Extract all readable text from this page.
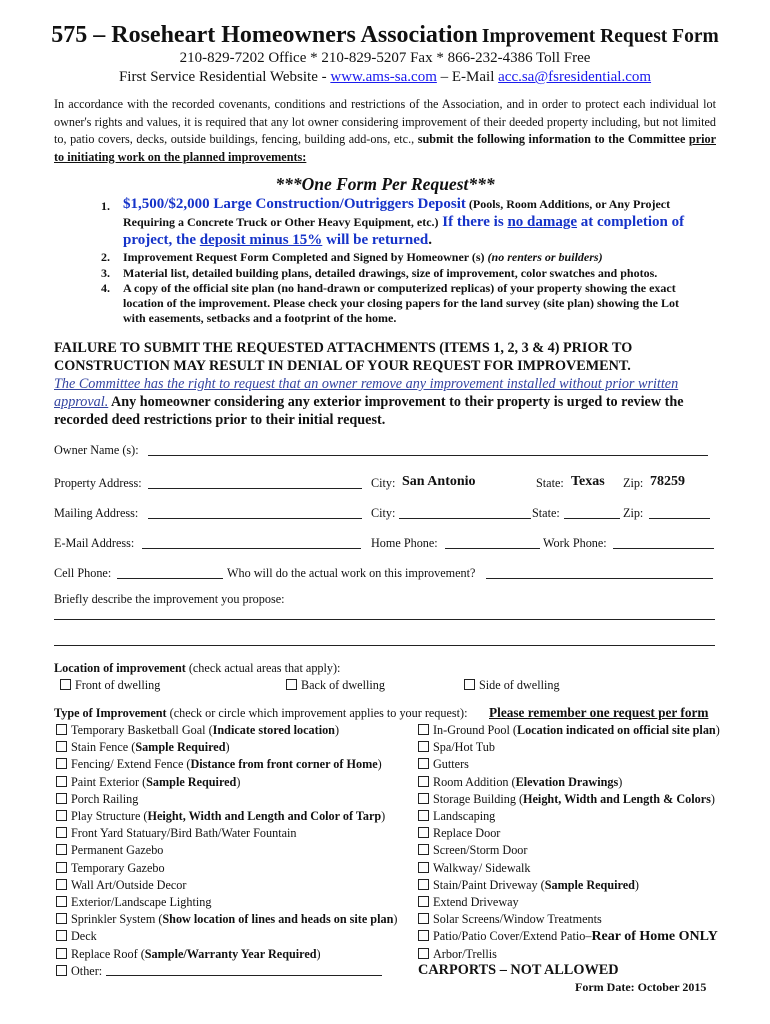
575 – Roseheart Homeowners Association Improvement Request Form
210-829-7202 Office * 210-829-5207 Fax * 866-232-4386 Toll Free
First Service Residential Website - www.ams-sa.com – E-Mail acc.sa@fsresidential.com
In accordance with the recorded covenants, conditions and restrictions of the Association, and in order to protect each individual lot owner's rights and values, it is required that any lot owner considering improvement of their deeded property including, but not limited to, patio covers, decks, outside buildings, fencing, building add-ons, etc., submit the following information to the Committee prior to initiating work on the planned improvements:
***One Form Per Request***
1. $1,500/$2,000 Large Construction/Outriggers Deposit (Pools, Room Additions, or Any Project
Requiring a Concrete Truck or Other Heavy Equipment, etc.) If there is no damage at completion of
project, the deposit minus 15% will be returned.
2. Improvement Request Form Completed and Signed by Homeowner (s) (no renters or builders)
3. Material list, detailed building plans, detailed drawings, size of improvement, color swatches and photos.
4. A copy of the official site plan (no hand-drawn or computerized replicas) of your property showing the exact
location of the improvement. Please check your closing papers for the land survey (site plan) showing the Lot
with easements, setbacks and a footprint of the home.
FAILURE TO SUBMIT THE REQUESTED ATTACHMENTS (ITEMS 1, 2, 3 & 4) PRIOR TO CONSTRUCTION MAY RESULT IN DENIAL OF YOUR REQUEST FOR IMPROVEMENT.
The Committee has the right to request that an owner remove any improvement installed without prior written approval. Any homeowner considering any exterior improvement to their property is urged to review the recorded deed restrictions prior to their initial request.
Owner Name (s):
Property Address:	City: San Antonio	State: Texas Zip: 78259
Mailing Address:	City:	State:	Zip:
E-Mail Address:	Home Phone:	Work Phone:
Cell Phone:	Who will do the actual work on this improvement?
Briefly describe the improvement you propose:
Location of improvement (check actual areas that apply):
Front of dwelling	Back of dwelling	Side of dwelling
Type of Improvement (check or circle which improvement applies to your request): Please remember one request per form
Temporary Basketball Goal (Indicate stored location)
Stain Fence (Sample Required)
Fencing/ Extend Fence (Distance from front corner of Home)
Paint Exterior (Sample Required)
Porch Railing
Play Structure (Height, Width and Length and Color of Tarp)
Front Yard Statuary/Bird Bath/Water Fountain
Permanent Gazebo
Temporary Gazebo
Wall Art/Outside Decor
Exterior/Landscape Lighting
Sprinkler System (Show location of lines and heads on site plan)
Deck
Replace Roof (Sample/Warranty Year Required)
Other:
In-Ground Pool (Location indicated on official site plan)
Spa/Hot Tub
Gutters
Room Addition (Elevation Drawings)
Storage Building (Height, Width and Length & Colors)
Landscaping
Replace Door
Screen/Storm Door
Walkway/ Sidewalk
Stain/Paint Driveway (Sample Required)
Extend Driveway
Solar Screens/Window Treatments
Patio/Patio Cover/Extend Patio–Rear of Home ONLY
Arbor/Trellis
CARPORTS – NOT ALLOWED
Form Date: October 2015
